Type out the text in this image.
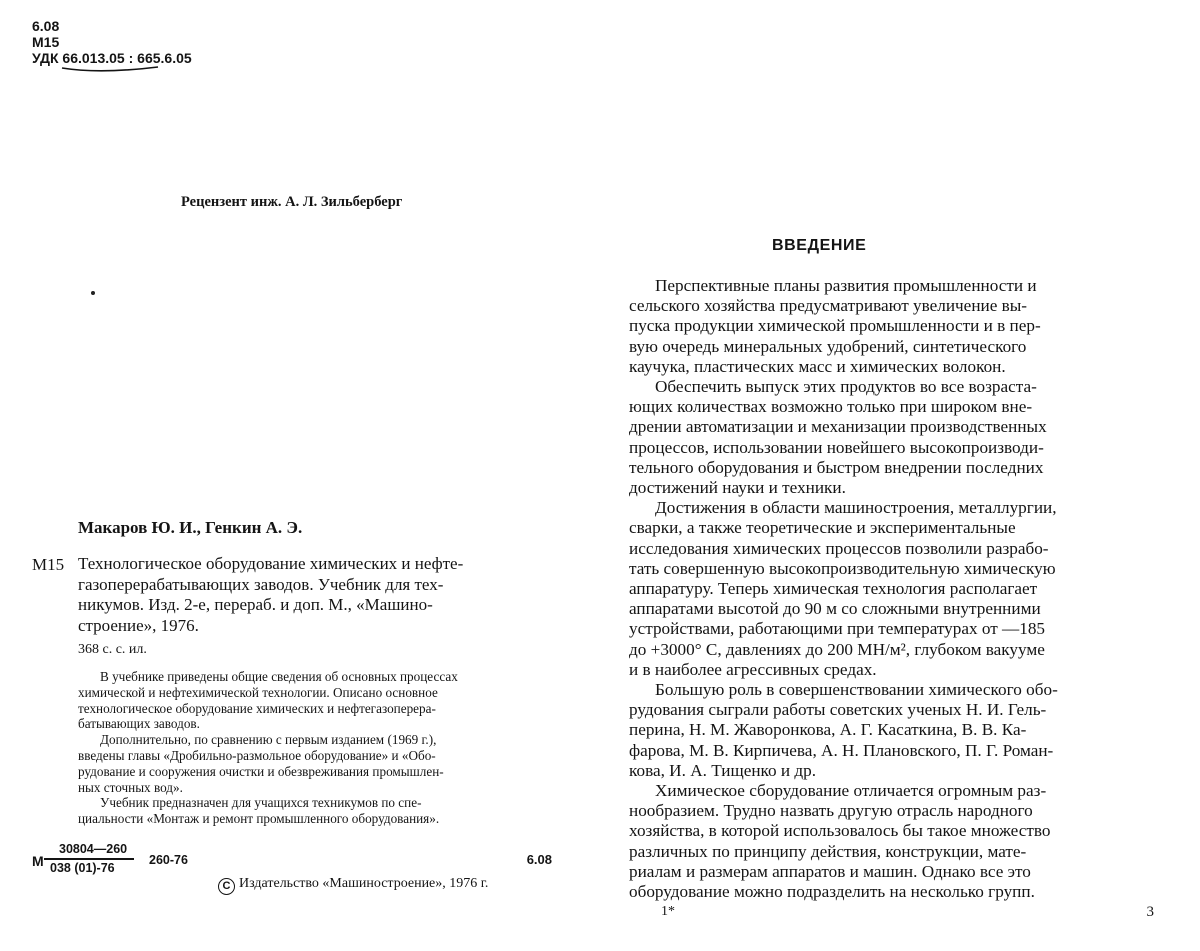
6.08
М15
УДК 66.013.05 : 665.6.05
Рецензент инж. А. Л. Зильберберг
Макаров Ю. И., Генкин А. Э.
М15 Технологическое оборудование химических и нефте-
газоперерабатывающих заводов. Учебник для тех-
никумов. Изд. 2-е, перераб. и доп. М., «Машино-
строение», 1976.
368 с. с. ил.
В учебнике приведены общие сведения об основных процессах
химической и нефтехимической технологии. Описано основное
технологическое оборудование химических и нефтегазоперера-
батывающих заводов.
Дополнительно, по сравнению с первым изданием (1969 г.),
введены главы «Дробильно-размольное оборудование» и «Обо-
рудование и сооружения очистки и обезвреживания промышлен-
ных сточных вод».
Учебник предназначен для учащихся техникумов по спе-
циальности «Монтаж и ремонт промышленного оборудования».
М
30804—260
038 (01)-76
260-76	6.08
C Издательство «Машиностроение», 1976 г.
ВВЕДЕНИЕ
Перспективные планы развития промышленности и
сельского хозяйства предусматривают увеличение вы-
пуска продукции химической промышленности и в пер-
вую очередь минеральных удобрений, синтетического
каучука, пластических масс и химических волокон.
Обеспечить выпуск этих продуктов во все возраста-
ющих количествах возможно только при широком вне-
дрении автоматизации и механизации производственных
процессов, использовании новейшего высокопроизводи-
тельного оборудования и быстром внедрении последних
достижений науки и техники.
Достижения в области машиностроения, металлургии,
сварки, а также теоретические и экспериментальные
исследования химических процессов позволили разрабо-
тать совершенную высокопроизводительную химическую
аппаратуру. Теперь химическая технология располагает
аппаратами высотой до 90 м со сложными внутренними
устройствами, работающими при температурах от —185
до +3000° С, давлениях до 200 МН/м², глубоком вакууме
и в наиболее агрессивных средах.
Большую роль в совершенствовании химического обо-
рудования сыграли работы советских ученых Н. И. Гель-
перина, Н. М. Жаворонкова, А. Г. Касаткина, В. В. Ка-
фарова, М. В. Кирпичева, А. Н. Плановского, П. Г. Роман-
кова, И. А. Тищенко и др.
Химическое сборудование отличается огромным раз-
нообразием. Трудно назвать другую отрасль народного
хозяйства, в которой использовалось бы такое множество
различных по принципу действия, конструкции, мате-
риалам и размерам аппаратов и машин. Однако все это
оборудование можно подразделить на несколько групп.
1*	3
